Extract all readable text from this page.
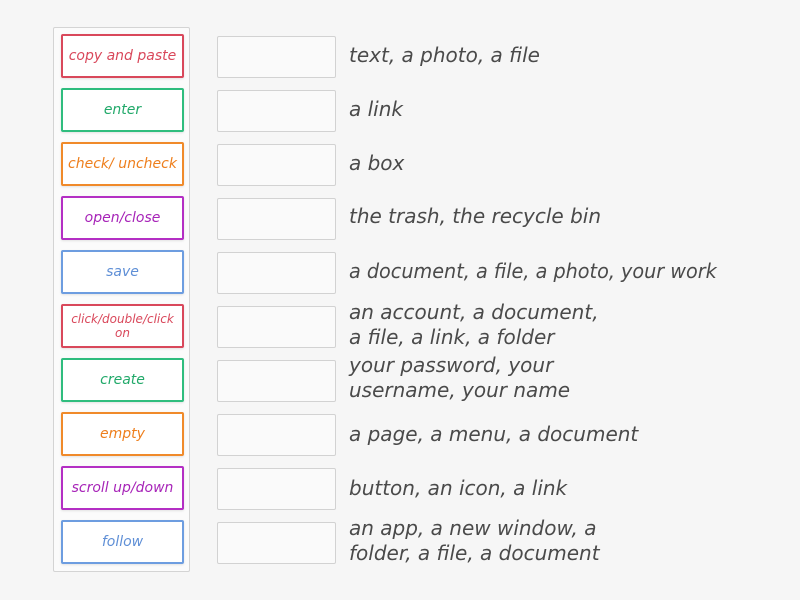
copy and paste
enter
check/ uncheck
open/close
save
click/double/click on
create
empty
scroll up/down
follow
text, a photo, a file
a link
a box
the trash, the recycle bin
a document, a file, a photo, your work
an account, a document,
a file, a link, a folder
your password, your
username, your name
a page, a menu, a document
button, an icon, a link
an app, a new window, a
folder, a file, a document
